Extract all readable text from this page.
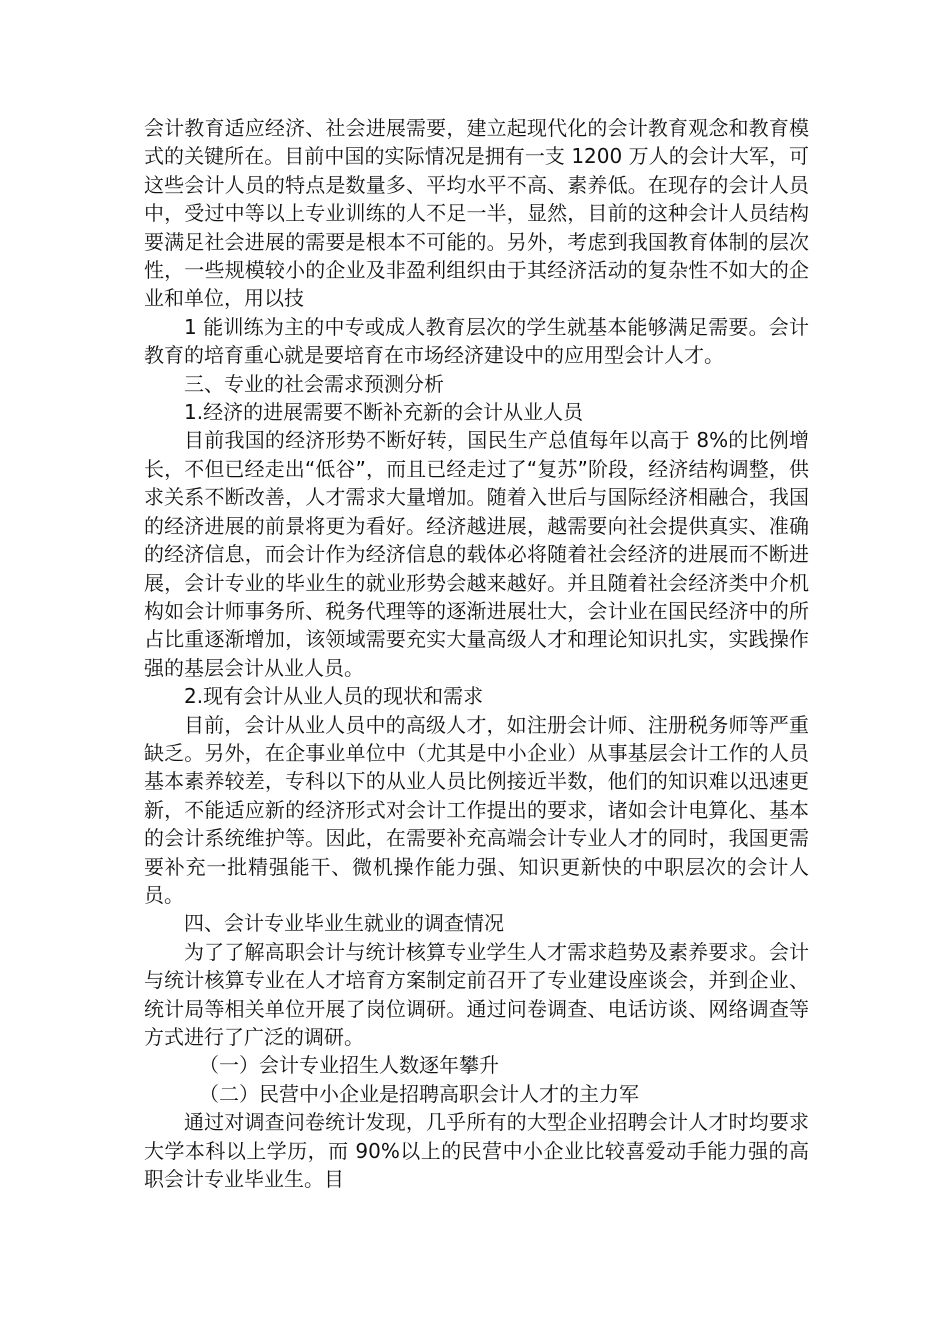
会计教育适应经济、社会进展需要，建立起现代化的会计教育观念和教育模式的关键所在。目前中国的实际情况是拥有一支 1200 万人的会计大军，可这些会计人员的特点是数量多、平均水平不高、素养低。在现存的会计人员中，受过中等以上专业训练的人不足一半，显然，目前的这种会计人员结构要满足社会进展的需要是根本不可能的。另外，考虑到我国教育体制的层次性，一些规模较小的企业及非盈利组织由于其经济活动的复杂性不如大的企业和单位，用以技

1 能训练为主的中专或成人教育层次的学生就基本能够满足需要。会计教育的培育重心就是要培育在市场经济建设中的应用型会计人才。

三、专业的社会需求预测分析

1.经济的进展需要不断补充新的会计从业人员

目前我国的经济形势不断好转，国民生产总值每年以高于 8%的比例增长，不但已经走出“低谷”，而且已经走过了“复苏”阶段，经济结构调整，供求关系不断改善，人才需求大量增加。随着入世后与国际经济相融合，我国的经济进展的前景将更为看好。经济越进展，越需要向社会提供真实、准确的经济信息，而会计作为经济信息的载体必将随着社会经济的进展而不断进展，会计专业的毕业生的就业形势会越来越好。并且随着社会经济类中介机构如会计师事务所、税务代理等的逐渐进展壮大，会计业在国民经济中的所占比重逐渐增加，该领域需要充实大量高级人才和理论知识扎实，实践操作强的基层会计从业人员。

2.现有会计从业人员的现状和需求

目前，会计从业人员中的高级人才，如注册会计师、注册税务师等严重缺乏。另外，在企事业单位中（尤其是中小企业）从事基层会计工作的人员基本素养较差，专科以下的从业人员比例接近半数，他们的知识难以迅速更新，不能适应新的经济形式对会计工作提出的要求，诸如会计电算化、基本的会计系统维护等。因此，在需要补充高端会计专业人才的同时，我国更需要补充一批精强能干、微机操作能力强、知识更新快的中职层次的会计人员。

四、会计专业毕业生就业的调查情况

为了了解高职会计与统计核算专业学生人才需求趋势及素养要求。会计与统计核算专业在人才培育方案制定前召开了专业建设座谈会，并到企业、统计局等相关单位开展了岗位调研。通过问卷调查、电话访谈、网络调查等方式进行了广泛的调研。

（一）会计专业招生人数逐年攀升

（二）民营中小企业是招聘高职会计人才的主力军

通过对调查问卷统计发现，几乎所有的大型企业招聘会计人才时均要求大学本科以上学历，而 90%以上的民营中小企业比较喜爱动手能力强的高职会计专业毕业生。目
